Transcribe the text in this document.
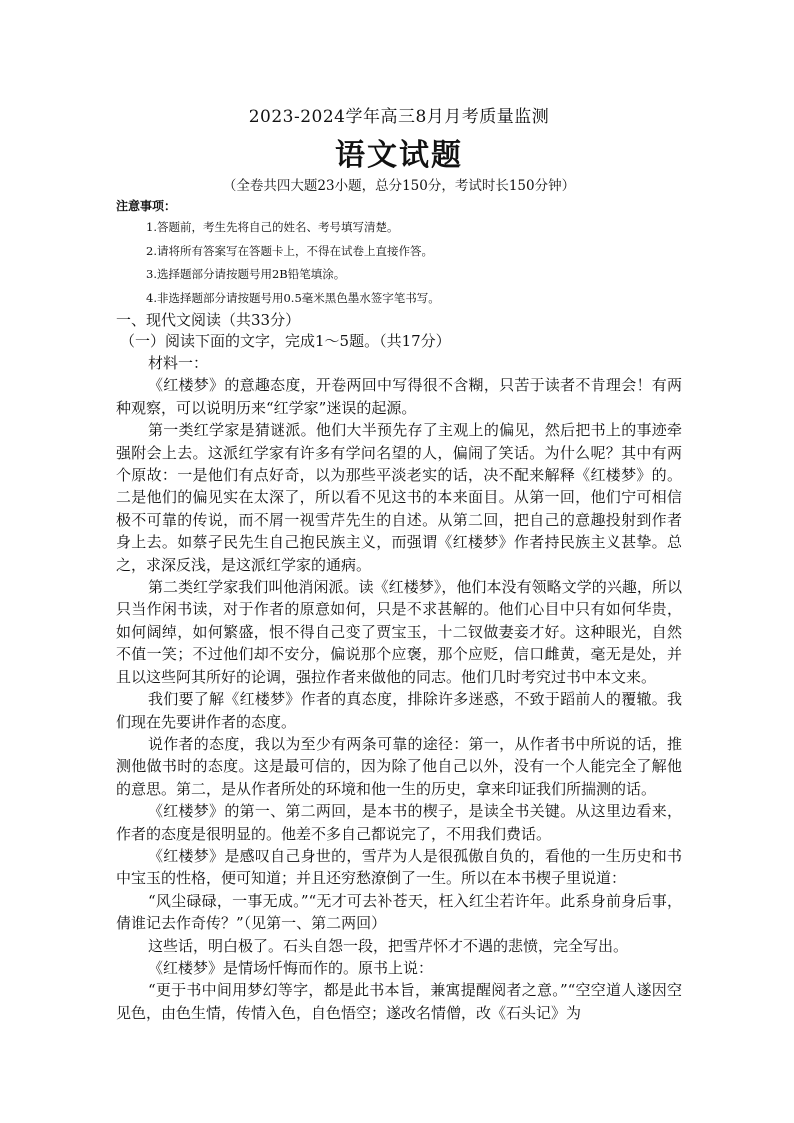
2023-2024学年高三8月月考质量监测

语文试题

（全卷共四大题23小题，总分150分，考试时长150分钟）

注意事项：

1.答题前，考生先将自己的姓名、考号填写清楚。
2.请将所有答案写在答题卡上，不得在试卷上直接作答。
3.选择题部分请按题号用2B铅笔填涂。
4.非选择题部分请按题号用0.5毫米黑色墨水签字笔书写。

一、现代文阅读（共33分）

（一）阅读下面的文字，完成1～5题。（共17分）

材料一：

《红楼梦》的意趣态度，开卷两回中写得很不含糊，只苦于读者不肯理会！有两种观察，可以说明历来“红学家”迷误的起源。

第一类红学家是猜谜派。他们大半预先存了主观上的偏见，然后把书上的事迹牵强附会上去。这派红学家有许多有学问名望的人，偏闹了笑话。为什么呢？其中有两个原故：一是他们有点好奇，以为那些平淡老实的话，决不配来解释《红楼梦》的。二是他们的偏见实在太深了，所以看不见这书的本来面目。从第一回，他们宁可相信极不可靠的传说，而不屑一视雪芹先生的自述。从第二回，把自己的意趣投射到作者身上去。如蔡孑民先生自己抱民族主义，而强谓《红楼梦》作者持民族主义甚挚。总之，求深反浅，是这派红学家的通病。

第二类红学家我们叫他消闲派。读《红楼梦》，他们本没有领略文学的兴趣，所以只当作闲书读，对于作者的原意如何，只是不求甚解的。他们心目中只有如何华贵，如何阔绰，如何繁盛，恨不得自己变了贾宝玉，十二钗做妻妾才好。这种眼光，自然不值一笑；不过他们却不安分，偏说那个应褒，那个应贬，信口雌黄，毫无是处，并且以这些阿其所好的论调，强拉作者来做他的同志。他们几时考究过书中本文来。

我们要了解《红楼梦》作者的真态度，排除许多迷惑，不致于蹈前人的覆辙。我们现在先要讲作者的态度。

说作者的态度，我以为至少有两条可靠的途径：第一，从作者书中所说的话，推测他做书时的态度。这是最可信的，因为除了他自己以外，没有一个人能完全了解他的意思。第二，是从作者所处的环境和他一生的历史，拿来印证我们所揣测的话。

《红楼梦》的第一、第二两回，是本书的楔子，是读全书关键。从这里边看来，作者的态度是很明显的。他差不多自己都说完了，不用我们费话。

《红楼梦》是感叹自己身世的，雪芹为人是很孤傲自负的，看他的一生历史和书中宝玉的性格，便可知道；并且还穷愁潦倒了一生。所以在本书楔子里说道：

“风尘碌碌，一事无成。”“无才可去补苍天，枉入红尘若许年。此系身前身后事，倩谁记去作奇传？”（见第一、第二两回）

这些话，明白极了。石头自怨一段，把雪芹怀才不遇的悲愤，完全写出。

《红楼梦》是情场忏悔而作的。原书上说：

“更于书中间用梦幻等字，都是此书本旨，兼寓提醒阅者之意。”“空空道人遂因空见色，由色生情，传情入色，自色悟空；遂改名情僧，改《石头记》为
